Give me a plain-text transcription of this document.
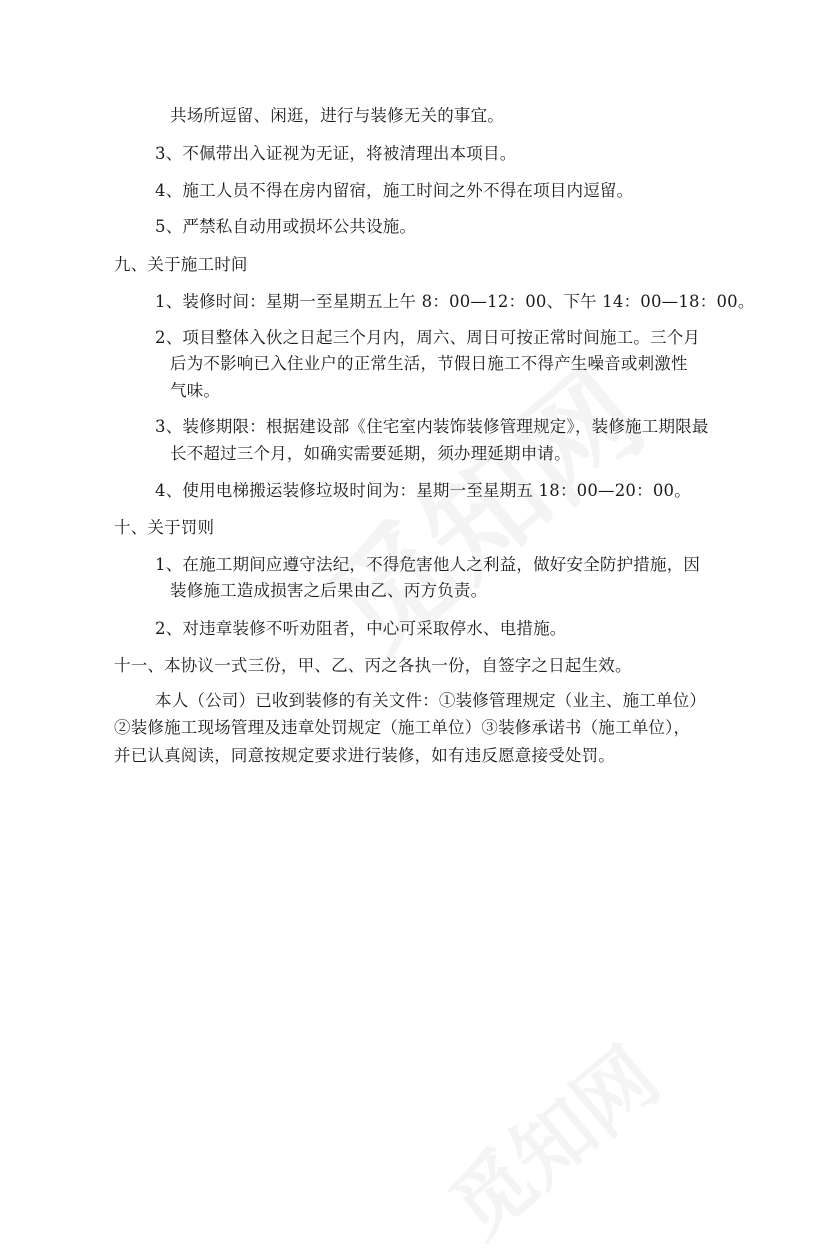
共场所逗留、闲逛，进行与装修无关的事宜。
3、不佩带出入证视为无证，将被清理出本项目。
4、施工人员不得在房内留宿，施工时间之外不得在项目内逗留。
5、严禁私自动用或损坏公共设施。
九、关于施工时间
1、装修时间：星期一至星期五上午 8：00—12：00、下午 14：00—18：00。
2、项目整体入伙之日起三个月内，周六、周日可按正常时间施工。三个月
后为不影响已入住业户的正常生活，节假日施工不得产生噪音或刺激性
气味。
3、装修期限：根据建设部《住宅室内装饰装修管理规定》，装修施工期限最
长不超过三个月，如确实需要延期，须办理延期申请。
4、使用电梯搬运装修垃圾时间为：星期一至星期五 18：00—20：00。
十、关于罚则
1、在施工期间应遵守法纪，不得危害他人之利益，做好安全防护措施，因
装修施工造成损害之后果由乙、丙方负责。
2、对违章装修不听劝阻者，中心可采取停水、电措施。
十一、本协议一式三份，甲、乙、丙之各执一份，自签字之日起生效。
本人（公司）已收到装修的有关文件：①装修管理规定（业主、施工单位）
②装修施工现场管理及违章处罚规定（施工单位）③装修承诺书（施工单位），
并已认真阅读，同意按规定要求进行装修，如有违反愿意接受处罚。
